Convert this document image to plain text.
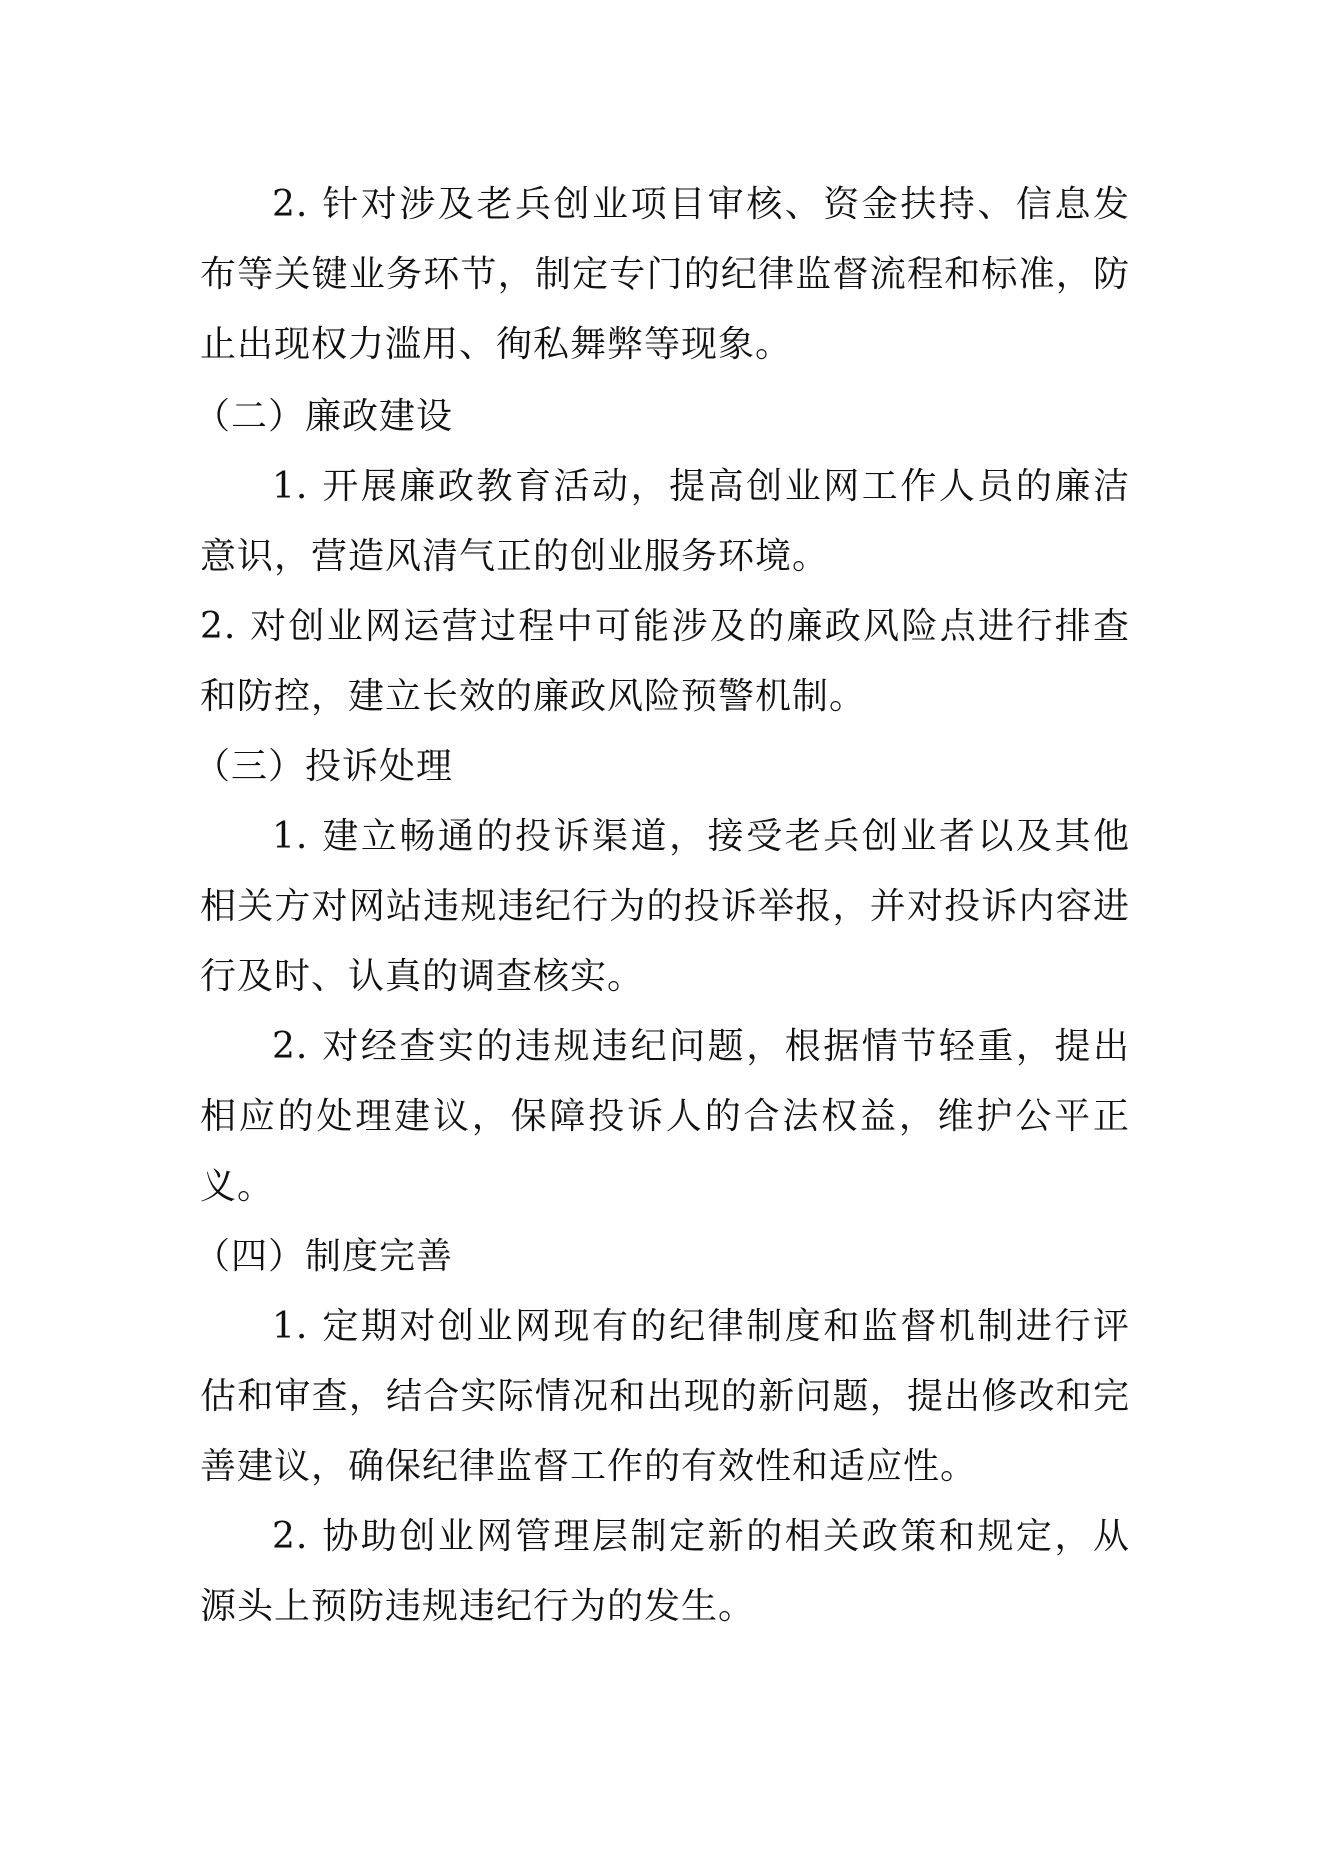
2. 针对涉及老兵创业项目审核、资金扶持、信息发布等关键业务环节，制定专门的纪律监督流程和标准，防止出现权力滥用、徇私舞弊等现象。

（二）廉政建设

1. 开展廉政教育活动，提高创业网工作人员的廉洁意识，营造风清气正的创业服务环境。

2. 对创业网运营过程中可能涉及的廉政风险点进行排查和防控，建立长效的廉政风险预警机制。

（三）投诉处理

1. 建立畅通的投诉渠道，接受老兵创业者以及其他相关方对网站违规违纪行为的投诉举报，并对投诉内容进行及时、认真的调查核实。

2. 对经查实的违规违纪问题，根据情节轻重，提出相应的处理建议，保障投诉人的合法权益，维护公平正义。

（四）制度完善

1. 定期对创业网现有的纪律制度和监督机制进行评估和审查，结合实际情况和出现的新问题，提出修改和完善建议，确保纪律监督工作的有效性和适应性。

2. 协助创业网管理层制定新的相关政策和规定，从源头上预防违规违纪行为的发生。
